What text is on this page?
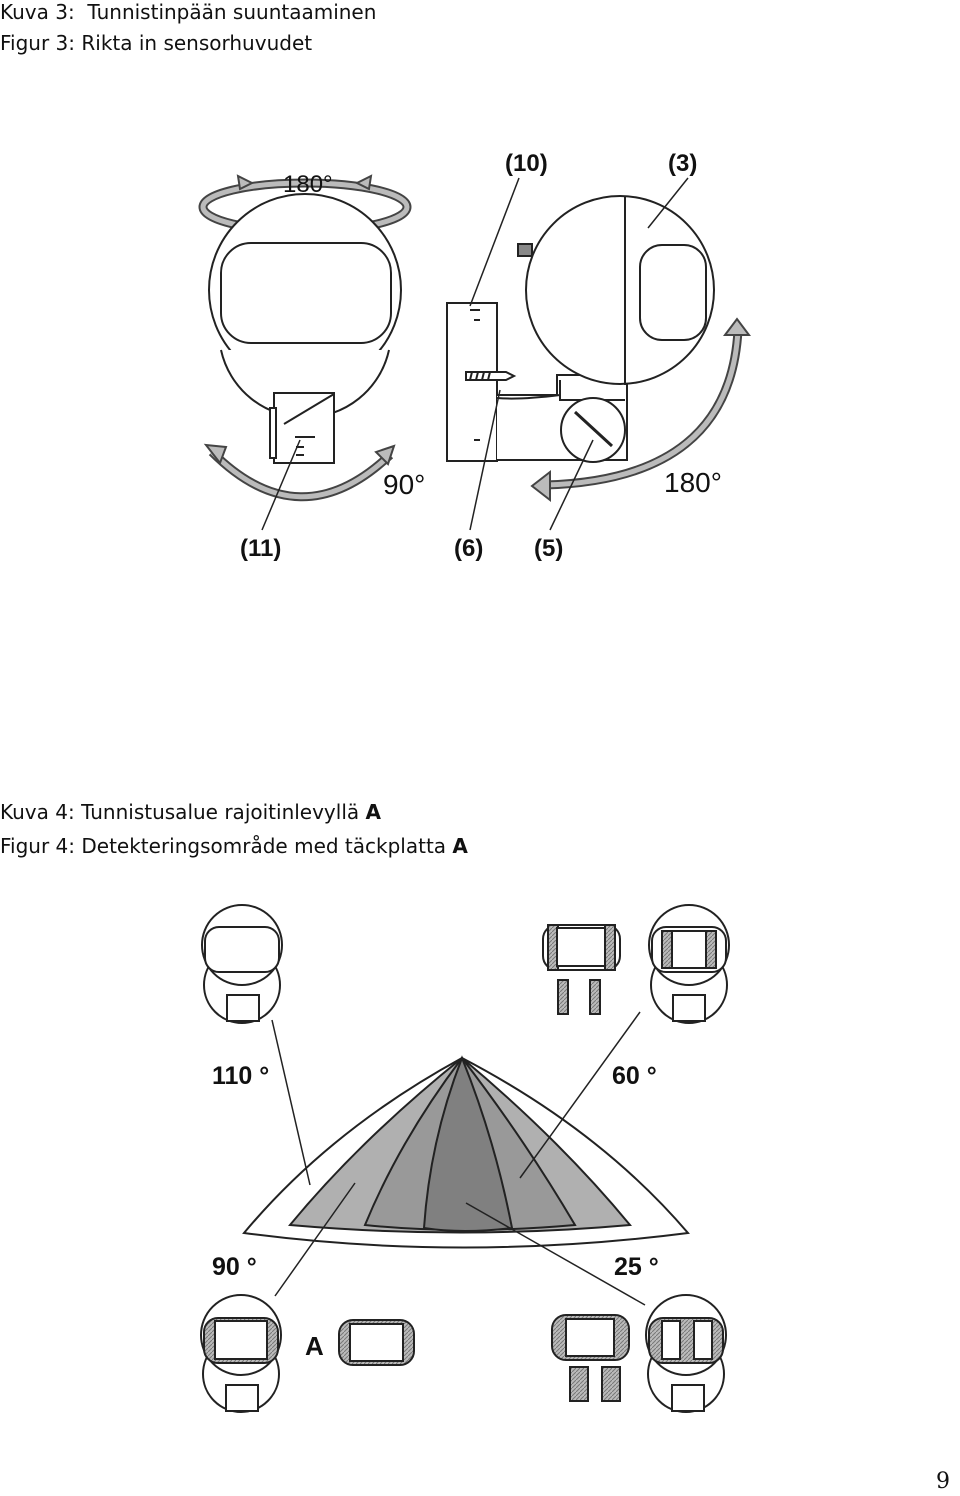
Kuva 3:  Tunnistinpään suuntaaminen
Figur 3: Rikta in sensorhuvudet
180°
90°	180°
(10)	(3)
(11)	(6) (5)
Kuva 4: Tunnistusalue rajoitinlevyllä A
Figur 4: Detekteringsområde med täckplatta A
110 °	60 °
90 °	25 °
A
9
